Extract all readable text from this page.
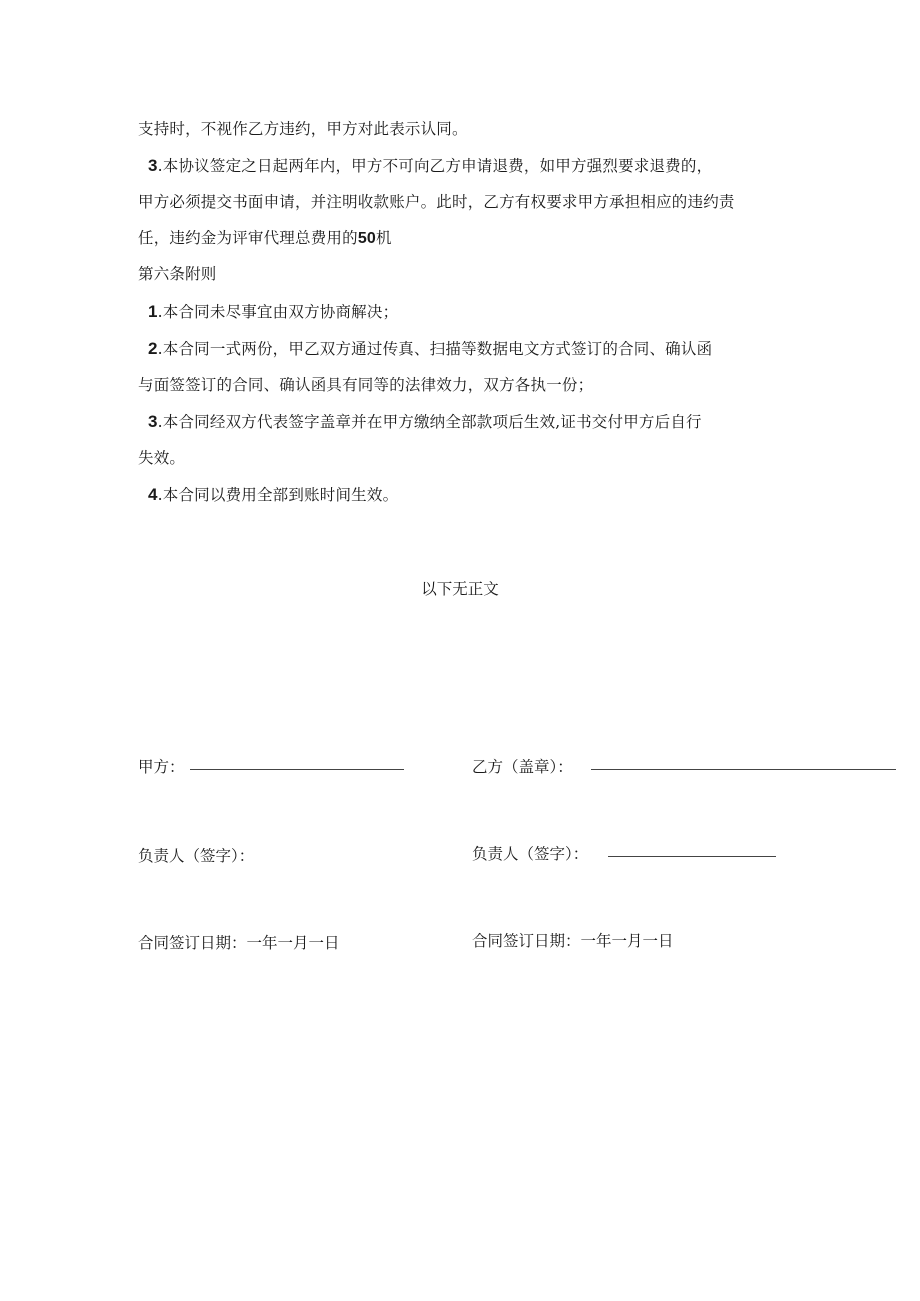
支持时，不视作乙方违约，甲方对此表示认同。
3.本协议签定之日起两年内，甲方不可向乙方申请退费，如甲方强烈要求退费的，
甲方必须提交书面申请，并注明收款账户。此时，乙方有权要求甲方承担相应的违约责
任，违约金为评审代理总费用的50机
第六条附则
1.本合同未尽事宜由双方协商解决；
2.本合同一式两份，甲乙双方通过传真、扫描等数据电文方式签订的合同、确认函
与面签签订的合同、确认函具有同等的法律效力，双方各执一份；
3.本合同经双方代表签字盖章并在甲方缴纳全部款项后生效,证书交付甲方后自行
失效。
4.本合同以费用全部到账时间生效。
以下无正文
甲方：	乙方（盖章）：
负责人（签字）：	负责人（签字）：
合同签订日期：一年一月一日	合同签订日期：一年一月一日
